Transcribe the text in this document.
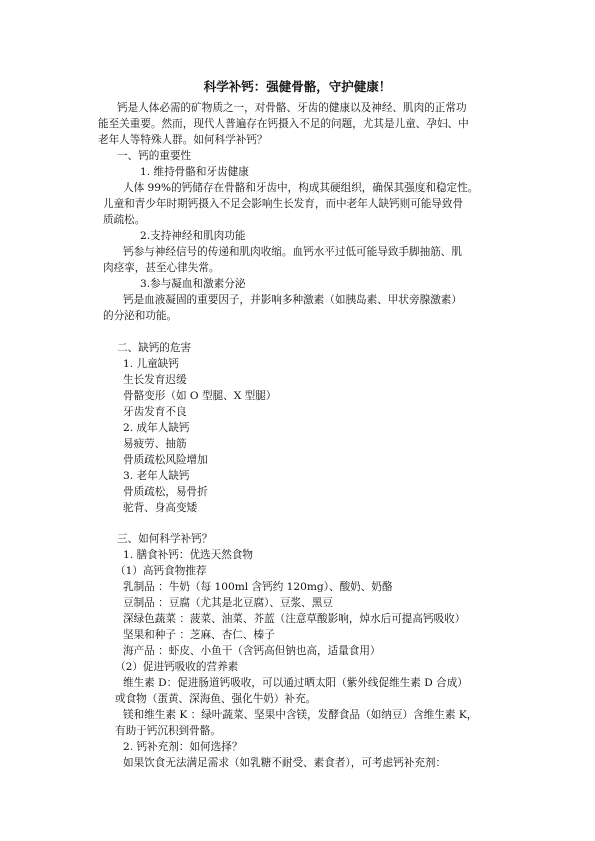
科学补钙：强健骨骼，守护健康！
钙是人体必需的矿物质之一，对骨骼、牙齿的健康以及神经、肌肉的正常功
能至关重要。然而，现代人普遍存在钙摄入不足的问题，尤其是儿童、孕妇、中
老年人等特殊人群。如何科学补钙？
一、钙的重要性
1. 维持骨骼和牙齿健康
人体 99%的钙储存在骨骼和牙齿中，构成其硬组织，确保其强度和稳定性。
儿童和青少年时期钙摄入不足会影响生长发育，而中老年人缺钙则可能导致骨
质疏松。
2.支持神经和肌肉功能
钙参与神经信号的传递和肌肉收缩。血钙水平过低可能导致手脚抽筋、肌
肉痉挛，甚至心律失常。
3.参与凝血和激素分泌
钙是血液凝固的重要因子，并影响多种激素（如胰岛素、甲状旁腺激素）
的分泌和功能。
二、缺钙的危害
1. 儿童缺钙
生长发育迟缓
骨骼变形（如 O 型腿、X 型腿）
牙齿发育不良
2. 成年人缺钙
易疲劳、抽筋
骨质疏松风险增加
3. 老年人缺钙
骨质疏松，易骨折
驼背、身高变矮
三、如何科学补钙？
1. 膳食补钙：优选天然食物
（1）高钙食物推荐
乳制品 ：牛奶（每 100ml 含钙约 120mg）、酸奶、奶酪
豆制品 ：豆腐（尤其是北豆腐）、豆浆、黑豆
深绿色蔬菜 ：菠菜、油菜、芥蓝（注意草酸影响，焯水后可提高钙吸收）
坚果和种子 ：芝麻、杏仁、榛子
海产品 ：虾皮、小鱼干（含钙高但钠也高，适量食用）
（2）促进钙吸收的营养素
维生素 D：促进肠道钙吸收，可以通过晒太阳（紫外线促维生素 D 合成）
或食物（蛋黄、深海鱼、强化牛奶）补充。
镁和维生素 K ：绿叶蔬菜、坚果中含镁，发酵食品（如纳豆）含维生素 K，
有助于钙沉积到骨骼。
2. 钙补充剂：如何选择？
如果饮食无法满足需求（如乳糖不耐受、素食者），可考虑钙补充剂：
